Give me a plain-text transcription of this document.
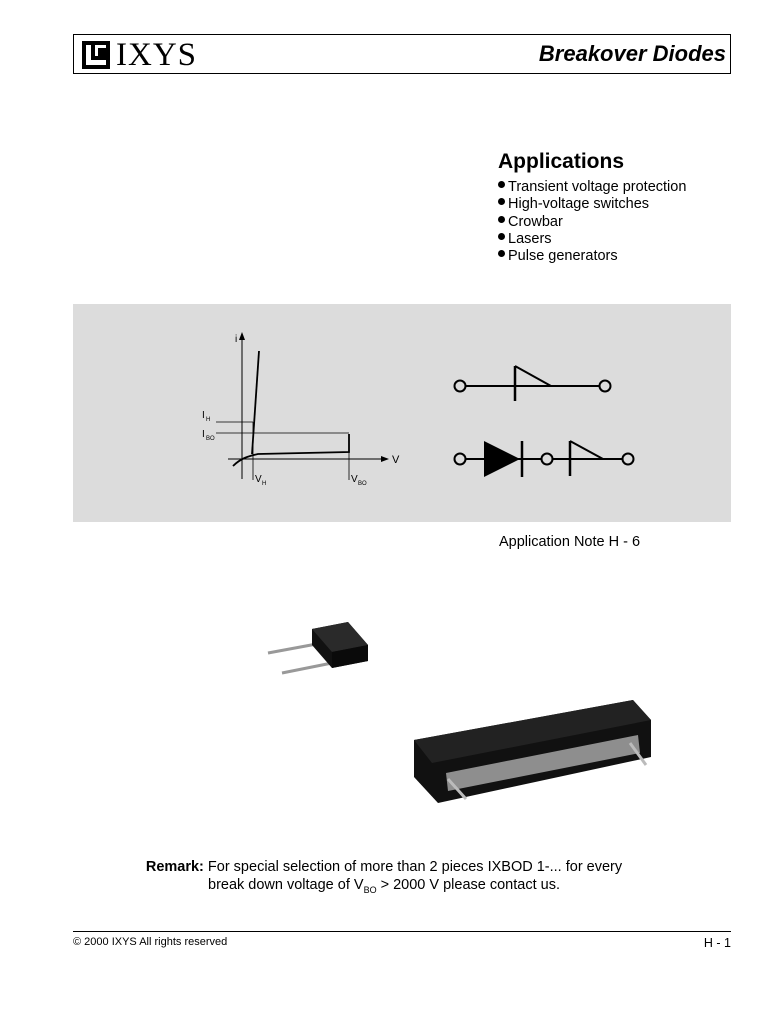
IXYS	Breakover Diodes
Applications
Transient voltage protection
High-voltage switches
Crowbar
Lasers
Pulse generators
i
V
I H
I BO
V H	V BO
Application Note H - 6
Remark: For special selection of more than 2 pieces IXBOD 1-... for every
break down voltage of $V_{BO} > 2000$ V please contact us.
© 2000 IXYS All rights reserved	H - 1
